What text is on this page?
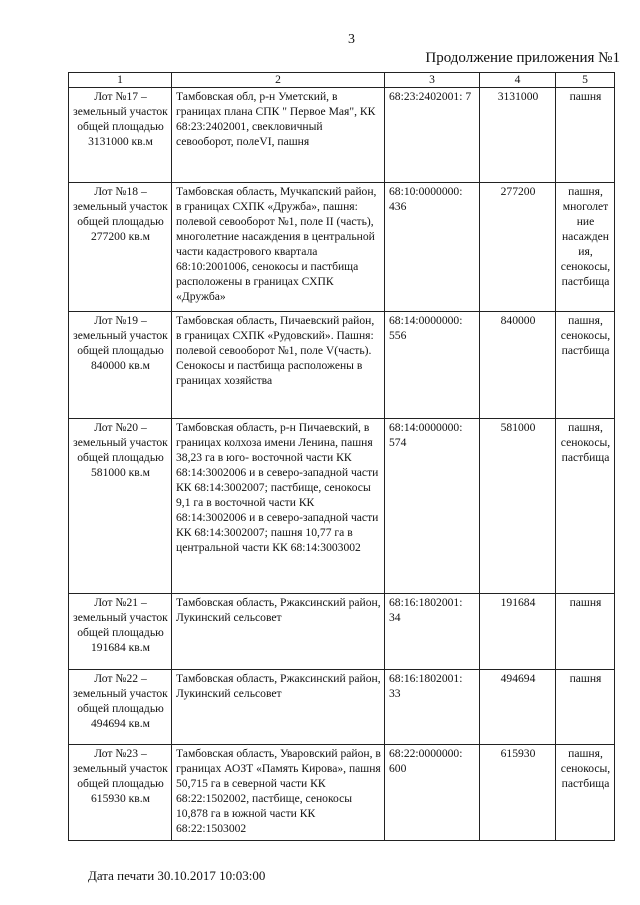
3
Продолжение приложения №1
1	2	3	4	5
Лот №17 – земельный участок общей площадью 3131000 кв.м	Тамбовская обл, р-н Уметский, в границах плана СПК " Первое Мая", КК 68:23:2402001, свекловичный севооборот, полеVI, пашня	68:23:2402001: 7	3131000	пашня
Лот №18 – земельный участок общей площадью 277200 кв.м	Тамбовская область, Мучкапский район, в границах СХПК «Дружба», пашня: полевой севооборот №1, поле II (часть), многолетние насаждения в центральной части кадастрового квартала 68:10:2001006, сенокосы и пастбища расположены в границах СХПК «Дружба»	68:10:0000000: 436	277200	пашня, многолетние насаждения, сенокосы, пастбища
Лот №19 – земельный участок общей площадью 840000 кв.м	Тамбовская область, Пичаевский район, в границах СХПК «Рудовский». Пашня: полевой севооборот №1, поле V(часть). Сенокосы и пастбища расположены в границах хозяйства	68:14:0000000: 556	840000	пашня, сенокосы, пастбища
Лот №20 – земельный участок общей площадью 581000 кв.м	Тамбовская область, р-н Пичаевский, в границах колхоза имени Ленина, пашня 38,23 га в юго- восточной части КК 68:14:3002006 и в северо-западной части КК 68:14:3002007; пастбище, сенокосы 9,1 га в восточной части КК 68:14:3002006 и в северо-западной части КК 68:14:3002007; пашня 10,77 га в центральной части КК 68:14:3003002	68:14:0000000: 574	581000	пашня, сенокосы, пастбища
Лот №21 – земельный участок общей площадью 191684 кв.м	Тамбовская область, Ржаксинский район, Лукинский сельсовет	68:16:1802001: 34	191684	пашня
Лот №22 – земельный участок общей площадью 494694 кв.м	Тамбовская область, Ржаксинский район, Лукинский сельсовет	68:16:1802001: 33	494694	пашня
Лот №23 – земельный участок общей площадью 615930 кв.м	Тамбовская область, Уваровский район, в границах АОЗТ «Память Кирова», пашня 50,715 га в северной части КК 68:22:1502002, пастбище, сенокосы 10,878 га в южной части КК 68:22:1503002	68:22:0000000: 600	615930	пашня, сенокосы, пастбища
Дата печати 30.10.2017 10:03:00
